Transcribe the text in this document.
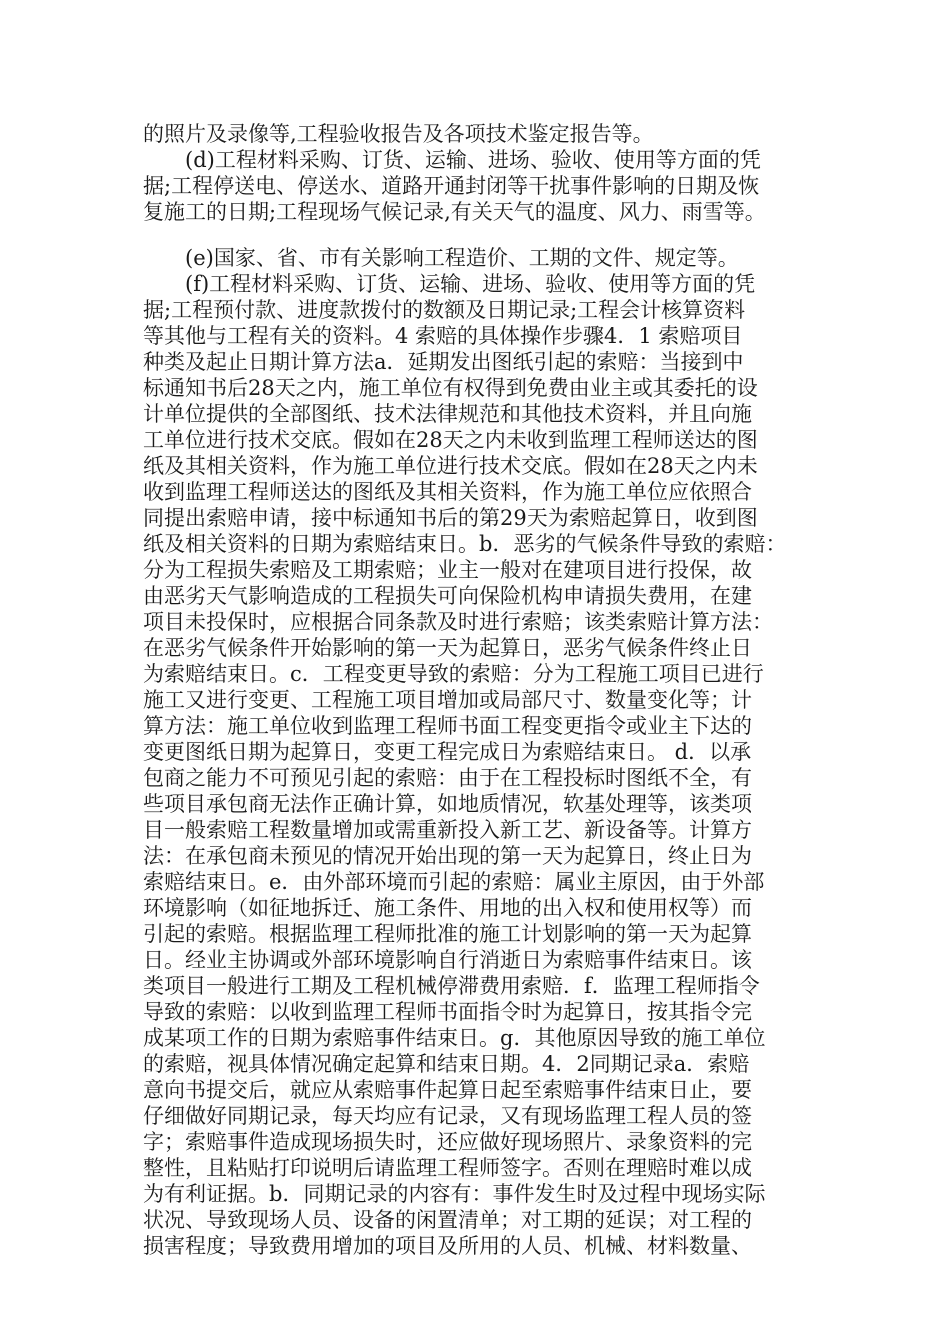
的照片及录像等,工程验收报告及各项技术鉴定报告等。
(d)工程材料采购、订货、运输、进场、验收、使用等方面的凭
据;工程停送电、停送水、道路开通封闭等干扰事件影响的日期及恢
复施工的日期;工程现场气候记录,有关天气的温度、风力、雨雪等。
(e)国家、省、市有关影响工程造价、工期的文件、规定等。
(f)工程材料采购、订货、运输、进场、验收、使用等方面的凭
据;工程预付款、进度款拨付的数额及日期记录;工程会计核算资料
等其他与工程有关的资料。4 索赔的具体操作步骤4．1 索赔项目
种类及起止日期计算方法a．延期发出图纸引起的索赔：当接到中
标通知书后28天之内，施工单位有权得到免费由业主或其委托的设
计单位提供的全部图纸、技术法律规范和其他技术资料，并且向施
工单位进行技术交底。假如在28天之内未收到监理工程师送达的图
纸及其相关资料，作为施工单位进行技术交底。假如在28天之内未
收到监理工程师送达的图纸及其相关资料，作为施工单位应依照合
同提出索赔申请，接中标通知书后的第29天为索赔起算日，收到图
纸及相关资料的日期为索赔结束日。b．恶劣的气候条件导致的索赔：
分为工程损失索赔及工期索赔；业主一般对在建项目进行投保，故
由恶劣天气影响造成的工程损失可向保险机构申请损失费用，在建
项目未投保时，应根据合同条款及时进行索赔；该类索赔计算方法：
在恶劣气候条件开始影响的第一天为起算日，恶劣气候条件终止日
为索赔结束日。c．工程变更导致的索赔：分为工程施工项目已进行
施工又进行变更、工程施工项目增加或局部尺寸、数量变化等；计
算方法：施工单位收到监理工程师书面工程变更指令或业主下达的
变更图纸日期为起算日，变更工程完成日为索赔结束日。 d．以承
包商之能力不可预见引起的索赔：由于在工程投标时图纸不全，有
些项目承包商无法作正确计算，如地质情况，软基处理等，该类项
目一般索赔工程数量增加或需重新投入新工艺、新设备等。计算方
法：在承包商未预见的情况开始出现的第一天为起算日，终止日为
索赔结束日。e．由外部环境而引起的索赔：属业主原因，由于外部
环境影响（如征地拆迁、施工条件、用地的出入权和使用权等）而
引起的索赔。根据监理工程师批准的施工计划影响的第一天为起算
日。经业主协调或外部环境影响自行消逝日为索赔事件结束日。该
类项目一般进行工期及工程机械停滞费用索赔．f．监理工程师指令
导致的索赔：以收到监理工程师书面指令时为起算日，按其指令完
成某项工作的日期为索赔事件结束日。g．其他原因导致的施工单位
的索赔，视具体情况确定起算和结束日期。4．2同期记录a．索赔
意向书提交后，就应从索赔事件起算日起至索赔事件结束日止，要
仔细做好同期记录，每天均应有记录，又有现场监理工程人员的签
字；索赔事件造成现场损失时，还应做好现场照片、录象资料的完
整性，且粘贴打印说明后请监理工程师签字。否则在理赔时难以成
为有利证据。b．同期记录的内容有：事件发生时及过程中现场实际
状况、导致现场人员、设备的闲置清单；对工期的延误；对工程的
损害程度；导致费用增加的项目及所用的人员、机械、材料数量、
